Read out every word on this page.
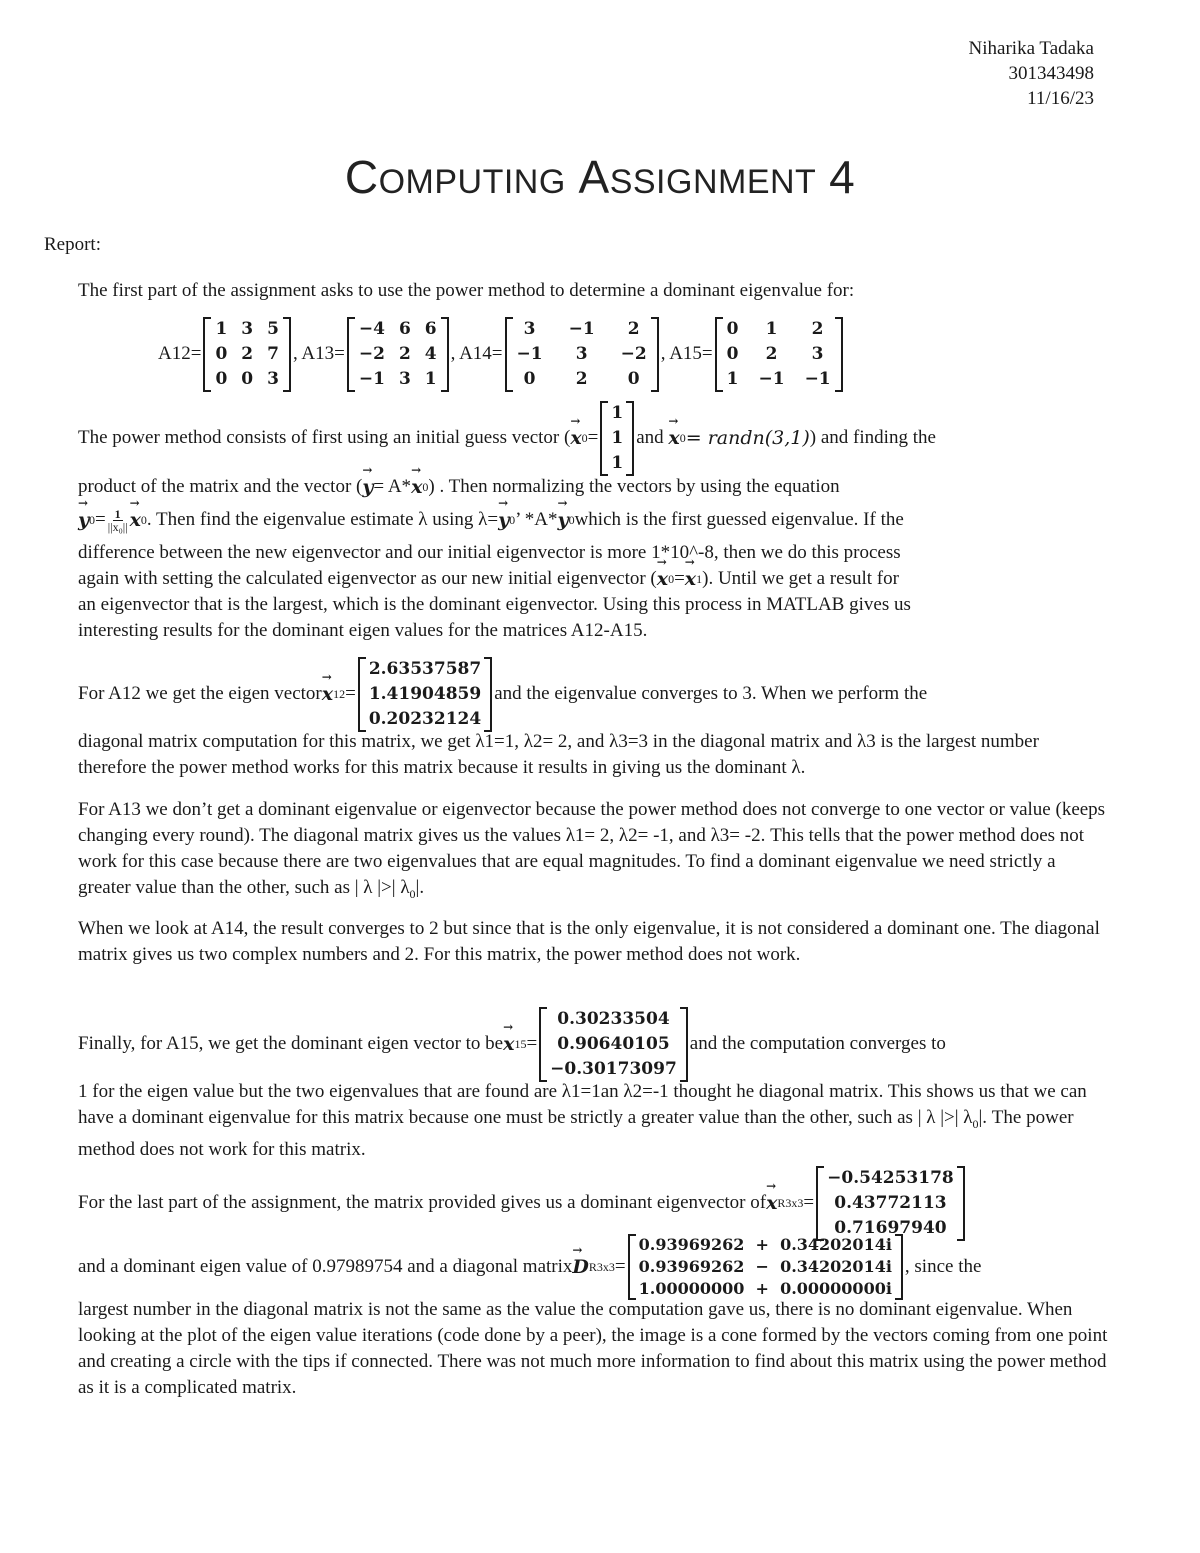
Niharika Tadaka
301343498
11/16/23
COMPUTING ASSIGNMENT 4
Report:
The first part of the assignment asks to use the power method to determine a dominant eigenvalue for:
A12=
1 3 5
0 2 7
0 0 3
, A13=
−4 6 6
−2 2 4
−1 3 1
, A14=
3	−1	2
−1	3	−2
0	2	0
, A15=
0	1	2
0	2	3
1 −1 −1
The power method consists of first using an initial guess vector (
→ x 0 =
1
1
1
and

→ x 0 = randn(3,1) ) and finding the
product of the matrix and the vector (
→ y = A*
→ x 0 ) . Then normalizing the vectors by using the equation
→ y $0 = \frac{1}{\text{||x₀||}}$
→ x 0 . Then find the eigenvalue estimate λ using λ=
→ y 0 ’ *A*
→ y 0 which is the first guessed eigenvalue. If the
difference between the new eigenvector and our initial eigenvector is more 1*10^-8, then we do this process
again with setting the calculated eigenvector as our new initial eigenvector (
→ x 0 =
→ x 1 ). Until we get a result for
an eigenvector that is the largest, which is the dominant eigenvector. Using this process in MATLAB gives us
interesting results for the dominant eigen values for the matrices A12-A15.
For A12 we get the eigen vector
→ x 12 =
2.63537587
1.41904859
0.20232124
and the eigenvalue converges to 3. When we perform the
diagonal matrix computation for this matrix, we get λ1=1, λ2= 2, and λ3=3 in the diagonal matrix and λ3 is the largest number therefore the power method works for this matrix because it results in giving us the dominant λ.
For A13 we don’t get a dominant eigenvalue or eigenvector because the power method does not converge to one vector or value (keeps changing every round). The diagonal matrix gives us the values λ1= 2, λ2= -1, and λ3= -2. This tells that the power method does not work for this case because there are two eigenvalues that are equal magnitudes. To find a dominant eigenvalue we need strictly a greater value than the other, such as | λ |>| $\lambda_0|$.
When we look at A14, the result converges to 2 but since that is the only eigenvalue, it is not considered a dominant one. The diagonal matrix gives us two complex numbers and 2. For this matrix, the power method does not work.
Finally, for A15, we get the dominant eigen vector to be
→ x 15 =
0.30233504
0.90640105
−0.30173097
and the computation converges to
1 for the eigen value but the two eigenvalues that are found are λ1=1an λ2=-1 thought he diagonal matrix. This shows us that we can have a dominant eigenvalue for this matrix because one must be strictly a greater value than the other, such as | λ |>| $\lambda_0|$. The power method does not work for this matrix.
For the last part of the assignment, the matrix provided gives us a dominant eigenvector of
→ x R3x3 =
−0.54253178
0.43772113
0.71697940
and a dominant eigen value of 0.97989754 and a diagonal matrix
→ D R3x3 =
0.93969262  +  0.34202014i
0.93969262  −  0.34202014i
1.00000000  +  0.00000000i
, since the
largest number in the diagonal matrix is not the same as the value the computation gave us, there is no dominant eigenvalue. When looking at the plot of the eigen value iterations (code done by a peer), the image is a cone formed by the vectors coming from one point and creating a circle with the tips if connected. There was not much more information to find about this matrix using the power method as it is a complicated matrix.
